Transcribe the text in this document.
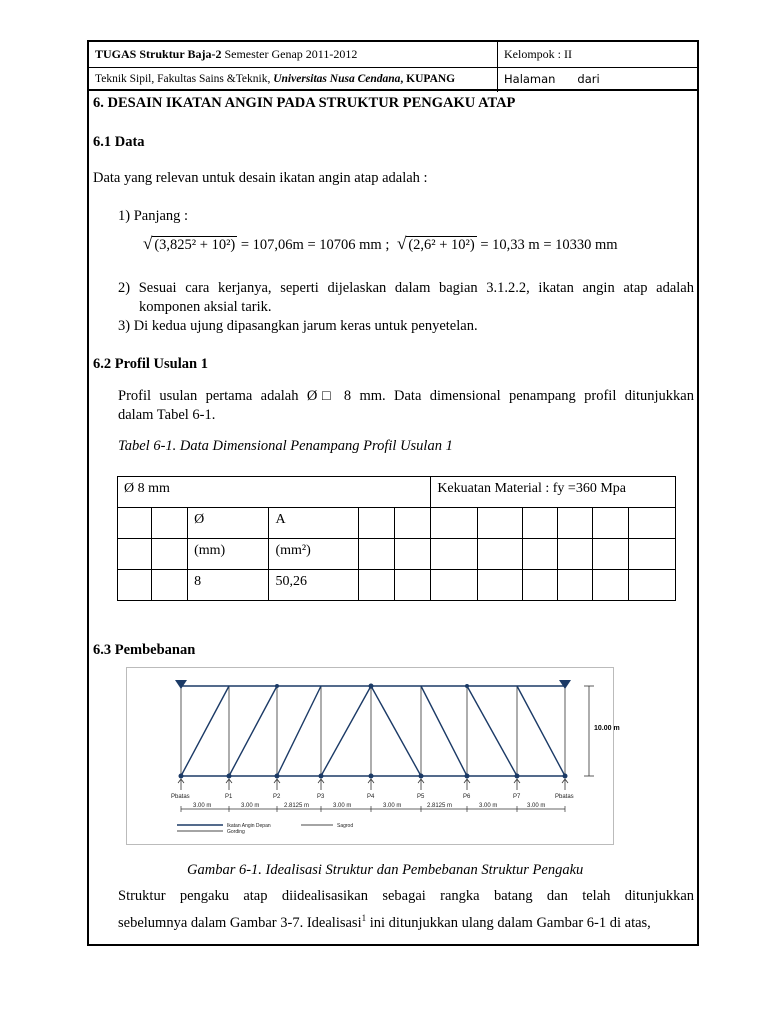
TUGAS Struktur Baja-2 Semester Genap 2011-2012	Kelompok : II
Teknik Sipil, Fakultas Sains &Teknik, Universitas Nusa Cendana, KUPANG	Halaman dari
6. DESAIN IKATAN ANGIN PADA STRUKTUR PENGAKU ATAP
6.1 Data
Data yang relevan untuk desain ikatan angin atap adalah :
1) Panjang :
√ (3,825² + 10²) = 107,06m = 10706 mm ; √ (2,6² + 10²) = 10,33 m = 10330 mm
2) Sesuai cara kerjanya, seperti dijelaskan dalam bagian 3.1.2.2, ikatan angin atap adalah
komponen aksial tarik.
3) Di kedua ujung dipasangkan jarum keras untuk penyetelan.
6.2 Profil Usulan 1
Profil usulan pertama adalah Ø□ 8 mm. Data dimensional penampang profil ditunjukkan
dalam Tabel 6-1.
Tabel 6-1. Data Dimensional Penampang Profil Usulan 1
Ø 8 mm						Kekuatan Material : fy =360 Mpa					
		Ø	A								
		(mm)	(mm²)								
		8	50,26								
6.3 Pembebanan
10.00 m
Pbatas	P1	P2	P3	P4	P5	P6	P7	Pbatas
3.00 m	3.00 m	2.8125 m	3.00 m	3.00 m	2.8125 m	3.00 m	3.00 m
Ikatan Angin Depan
Gording
Sagrod
Gambar 6-1. Idealisasi Struktur dan Pembebanan Struktur Pengaku
Struktur pengaku atap diidealisasikan sebagai rangka batang dan telah ditunjukkan
sebelumnya dalam Gambar 3-7. Idealisasi$^1$ ini ditunjukkan ulang dalam Gambar 6-1 di atas,
